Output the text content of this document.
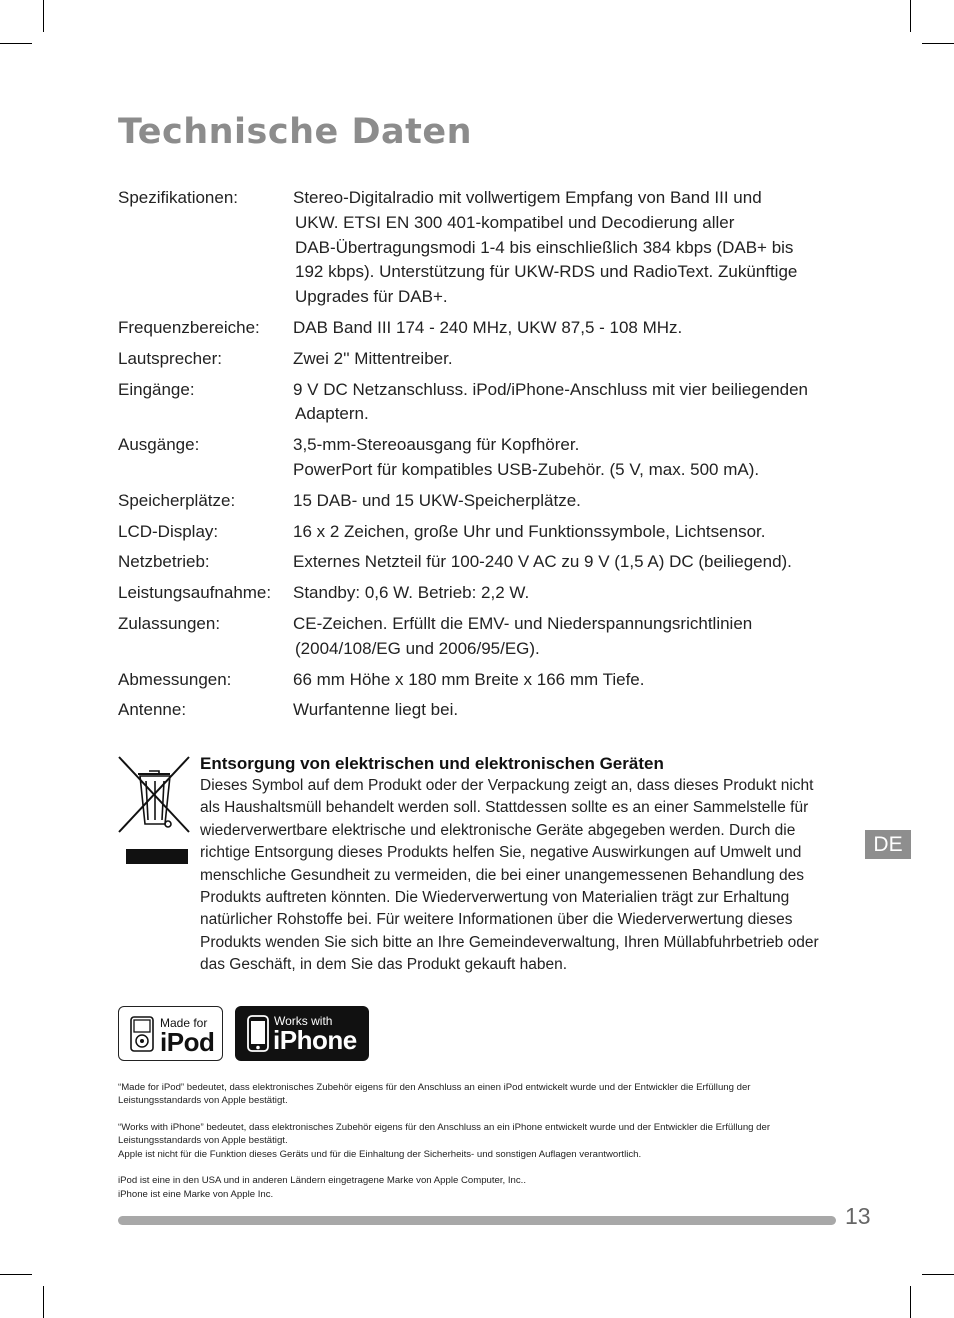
Technische Daten
Spezifikationen:	Stereo-Digitalradio mit vollwertigem Empfang von Band III und
UKW. ETSI EN 300 401-kompatibel und Decodierung aller
DAB-Übertragungsmodi 1-4 bis einschließlich 384 kbps (DAB+ bis
192 kbps). Unterstützung für UKW-RDS und RadioText. Zukünftige
Upgrades für DAB+.
Frequenzbereiche:	DAB Band III 174 - 240 MHz, UKW 87,5 - 108 MHz.
Lautsprecher:	Zwei 2'' Mittentreiber.
Eingänge:	9 V DC Netzanschluss. iPod/iPhone-Anschluss mit vier beiliegenden
Adaptern.
Ausgänge:	3,5-mm-Stereoausgang für Kopfhörer.
PowerPort für kompatibles USB-Zubehör. (5 V, max. 500 mA).
Speicherplätze:	15 DAB- und 15 UKW-Speicherplätze.
LCD-Display:	16 x 2 Zeichen, große Uhr und Funktionssymbole, Lichtsensor.
Netzbetrieb:	Externes Netzteil für 100-240 V AC zu 9 V (1,5 A) DC (beiliegend).
Leistungsaufnahme:	Standby: 0,6 W. Betrieb: 2,2 W.
Zulassungen:	CE-Zeichen. Erfüllt die EMV- und Niederspannungsrichtlinien
(2004/108/EG und 2006/95/EG).
Abmessungen:	66 mm Höhe x 180 mm Breite x 166 mm Tiefe.
Antenne:	Wurfantenne liegt bei.

Entsorgung von elektrischen und elektronischen Geräten

Dieses Symbol auf dem Produkt oder der Verpackung zeigt an, dass dieses Produkt nicht als Haushaltsmüll behandelt werden soll. Stattdessen sollte es an einer Sammelstelle für wiederverwertbare elektrische und elektronische Geräte abgegeben werden. Durch die richtige Entsorgung dieses Produkts helfen Sie, negative Auswirkungen auf Umwelt und menschliche Gesundheit zu vermeiden, die bei einer unangemessenen Behandlung des Produkts auftreten könnten. Die Wiederverwertung von Materialien trägt zur Erhaltung natürlicher Rohstoffe bei. Für weitere Informationen über die Wiederverwertung dieses Produkts wenden Sie sich bitte an Ihre Gemeindeverwaltung, Ihren Müllabfuhrbetrieb oder das Geschäft, in dem Sie das Produkt gekauft haben.

DE
Made for
iPod
Works with
iPhone

“Made for iPod” bedeutet, dass elektronisches Zubehör eigens für den Anschluss an einen iPod entwickelt wurde und der Entwickler die Erfüllung der Leistungsstandards von Apple bestätigt.

“Works with iPhone” bedeutet, dass elektronisches Zubehör eigens für den Anschluss an ein iPhone entwickelt wurde und der Entwickler die Erfüllung der Leistungsstandards von Apple bestätigt.

Apple ist nicht für die Funktion dieses Geräts und für die Einhaltung der Sicherheits- und sonstigen Auflagen verantwortlich.

iPod ist eine in den USA und in anderen Ländern eingetragene Marke von Apple Computer, Inc..

iPhone ist eine Marke von Apple Inc.

13
